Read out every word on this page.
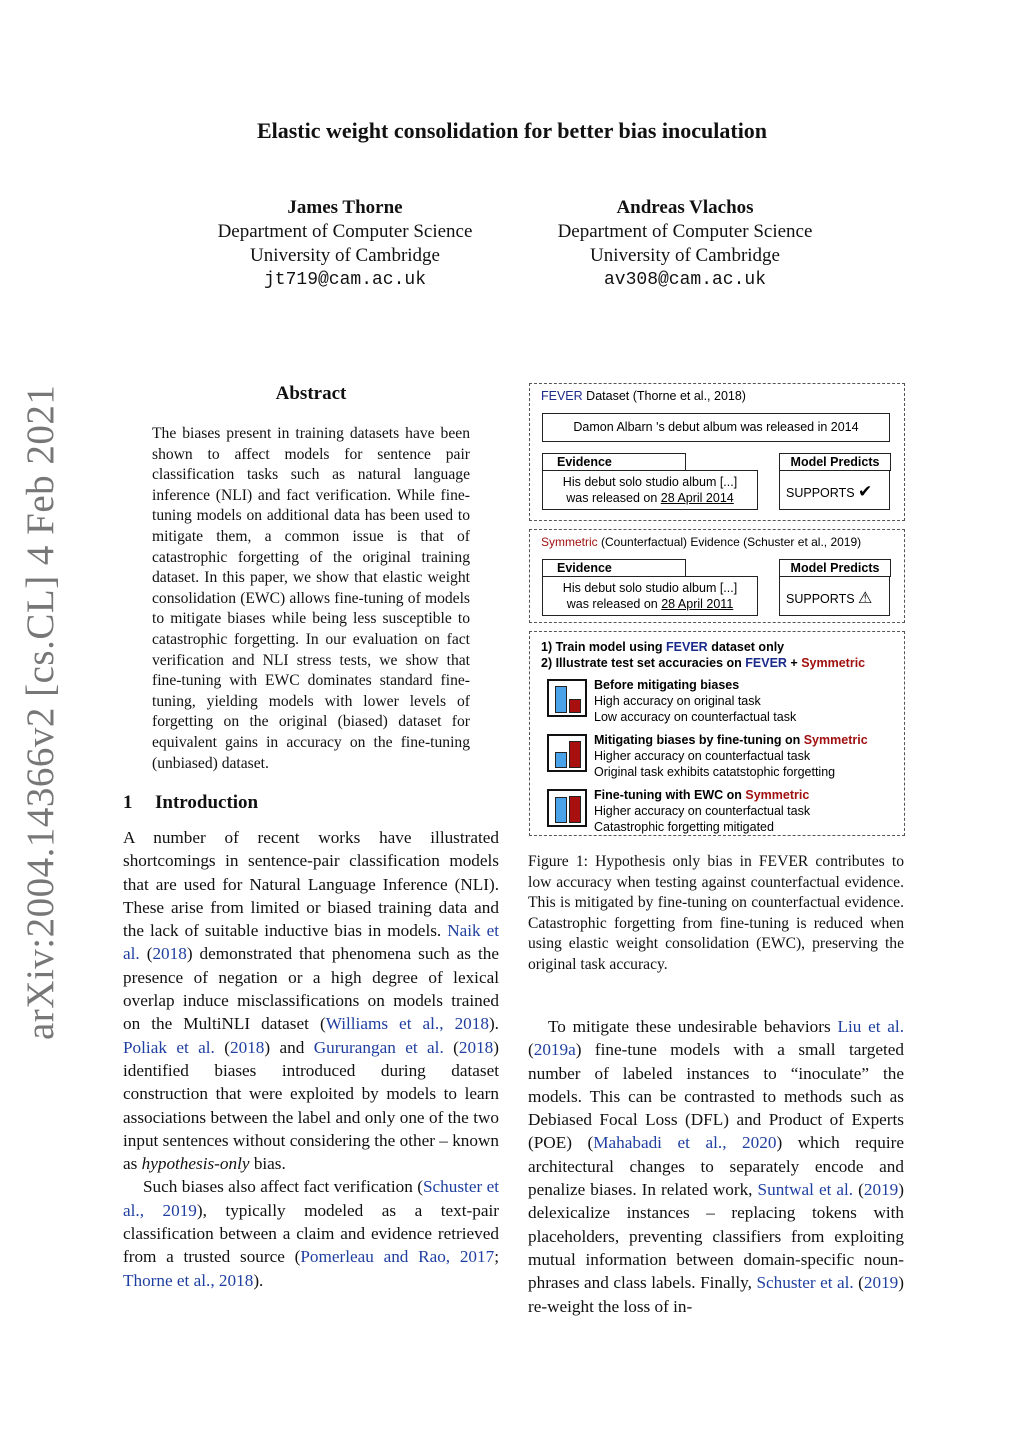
arXiv:2004.14366v2 [cs.CL] 4 Feb 2021
Elastic weight consolidation for better bias inoculation
James Thorne
Department of Computer Science
University of Cambridge
jt719@cam.ac.uk
Andreas Vlachos
Department of Computer Science
University of Cambridge
av308@cam.ac.uk
Abstract
The biases present in training datasets have been shown to affect models for sentence pair classification tasks such as natural language inference (NLI) and fact verification. While fine-tuning models on additional data has been used to mitigate them, a common issue is that of catastrophic forgetting of the original training dataset. In this paper, we show that elastic weight consolidation (EWC) allows fine-tuning of models to mitigate biases while being less susceptible to catastrophic forgetting. In our evaluation on fact verification and NLI stress tests, we show that fine-tuning with EWC dominates standard fine-tuning, yielding models with lower levels of forgetting on the original (biased) dataset for equivalent gains in accuracy on the fine-tuning (unbiased) dataset.
1 Introduction

A number of recent works have illustrated shortcomings in sentence-pair classification models that are used for Natural Language Inference (NLI). These arise from limited or biased training data and the lack of suitable inductive bias in models. Naik et al. (2018) demonstrated that phenomena such as the presence of negation or a high degree of lexical overlap induce misclassifications on models trained on the MultiNLI dataset (Williams et al., 2018). Poliak et al. (2018) and Gururangan et al. (2018) identified biases introduced during dataset construction that were exploited by models to learn associations between the label and only one of the two input sentences without considering the other – known as hypothesis-only bias.

Such biases also affect fact verification (Schuster et al., 2019), typically modeled as a text-pair classification between a claim and evidence retrieved from a trusted source (Pomerleau and Rao, 2017; Thorne et al., 2018).

To mitigate these undesirable behaviors Liu et al. (2019a) fine-tune models with a small targeted number of labeled instances to “inoculate” the models. This can be contrasted to methods such as Debiased Focal Loss (DFL) and Product of Experts (POE) (Mahabadi et al., 2020) which require architectural changes to separately encode and penalize biases. In related work, Suntwal et al. (2019) delexicalize instances – replacing tokens with placeholders, preventing classifiers from exploiting mutual information between domain-specific noun-phrases and class labels. Finally, Schuster et al. (2019) re-weight the loss of in-

FEVER Dataset (Thorne et al., 2018)
Damon Albarn 's debut album was released in 2014
Evidence
His debut solo studio album [...]
was released on 28 April 2014
Model Predicts
SUPPORTS ✔
Symmetric (Counterfactual) Evidence (Schuster et al., 2019)
Evidence
His debut solo studio album [...]
was released on 28 April 2011
Model Predicts
SUPPORTS ⚠
1) Train model using FEVER dataset only
2) Illustrate test set accuracies on FEVER + Symmetric
Before mitigating biases
High accuracy on original task
Low accuracy on counterfactual task
Mitigating biases by fine-tuning on Symmetric
Higher accuracy on counterfactual task
Original task exhibits catatstophic forgetting
Fine-tuning with EWC on Symmetric
Higher accuracy on counterfactual task
Catastrophic forgetting mitigated
Figure 1: Hypothesis only bias in FEVER contributes to low accuracy when testing against counterfactual evidence. This is mitigated by fine-tuning on counterfactual evidence. Catastrophic forgetting from fine-tuning is reduced when using elastic weight consolidation (EWC), preserving the original task accuracy.
